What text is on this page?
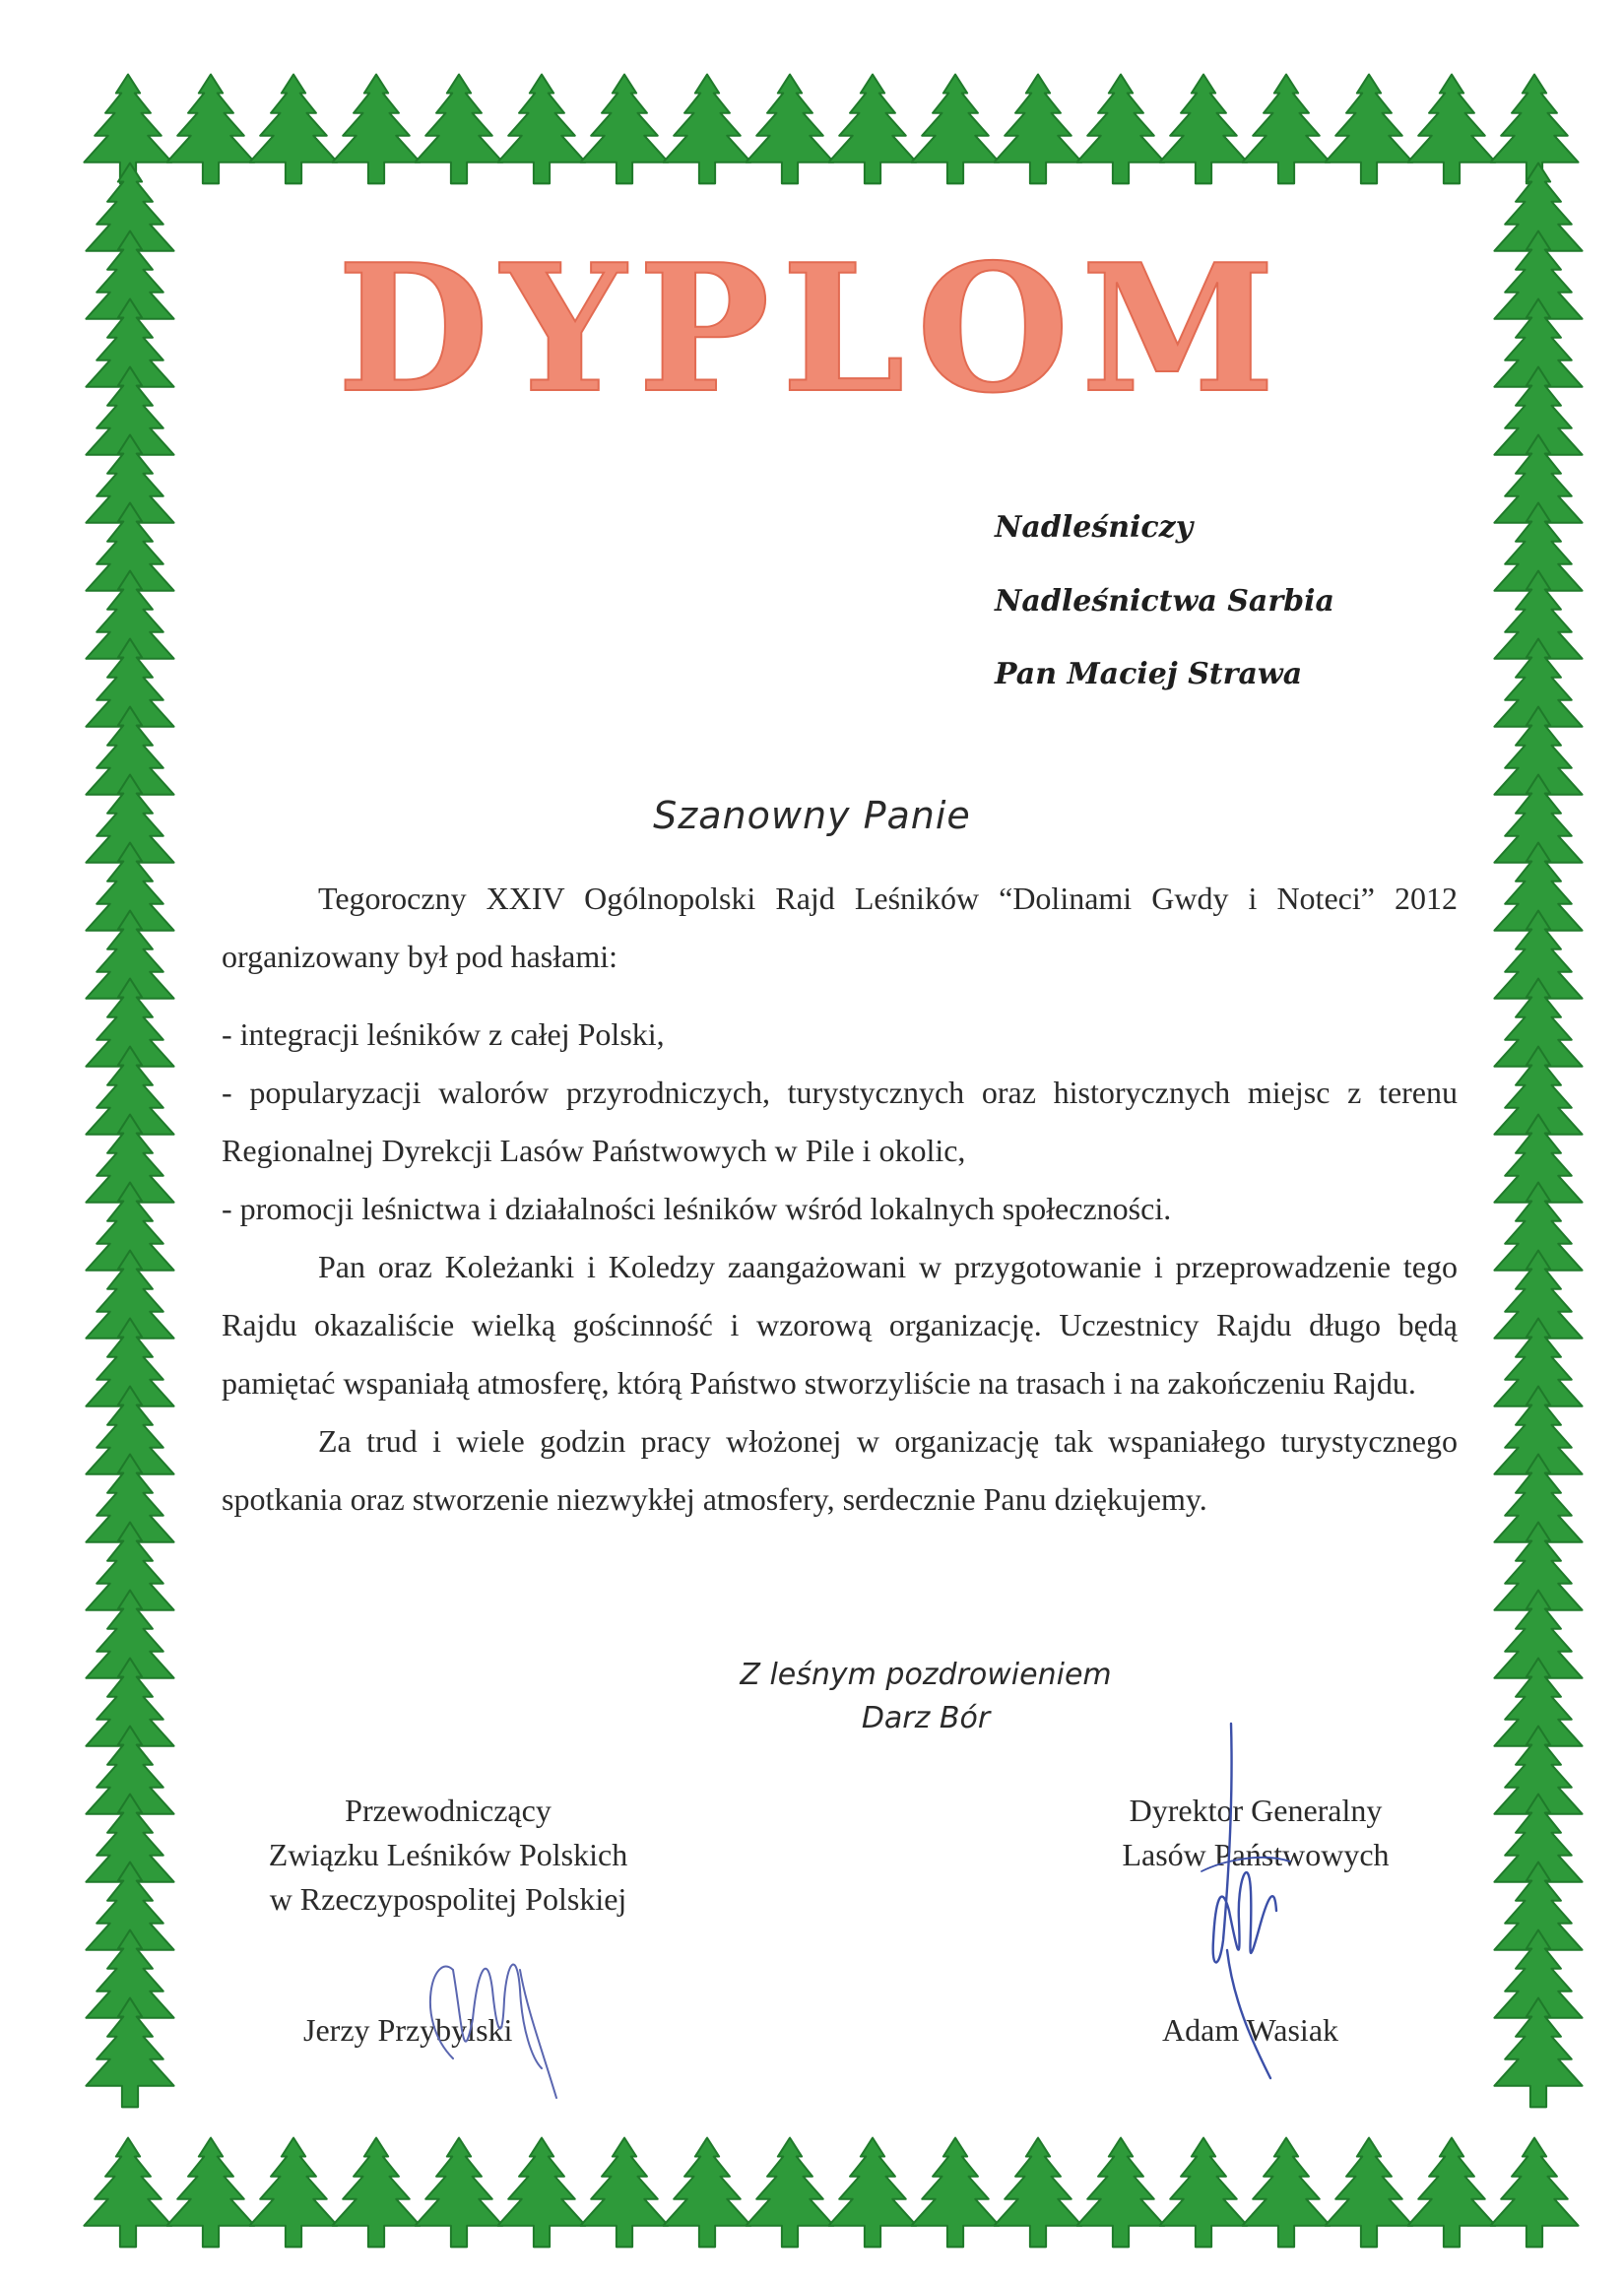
DYPLOM
Nadleśniczy
Nadleśnictwa Sarbia
Pan Maciej Strawa
Szanowny Panie

Tegoroczny XXIV Ogólnopolski Rajd Leśników “Dolinami Gwdy i Noteci” 2012 organizowany był pod hasłami:

- integracji leśników z całej Polski,

- popularyzacji walorów przyrodniczych, turystycznych oraz historycznych miejsc z terenu Regionalnej Dyrekcji Lasów Państwowych w Pile i okolic,

- promocji leśnictwa i działalności leśników wśród lokalnych społeczności.

Pan oraz Koleżanki i Koledzy zaangażowani w przygotowanie i przeprowadzenie tego Rajdu okazaliście wielką gościnność i wzorową organizację. Uczestnicy Rajdu długo będą pamiętać wspaniałą atmosferę, którą Państwo stworzyliście na trasach i na zakończeniu Rajdu.

Za trud i wiele godzin pracy włożonej w organizację tak wspaniałego turystycznego spotkania oraz stworzenie niezwykłej atmosfery, serdecznie Panu dziękujemy.

Z leśnym pozdrowieniem
Darz Bór
Przewodniczący
Związku Leśników Polskich
w Rzeczypospolitej Polskiej
Jerzy Przybylski
Dyrektor Generalny
Lasów Państwowych
Adam Wasiak
